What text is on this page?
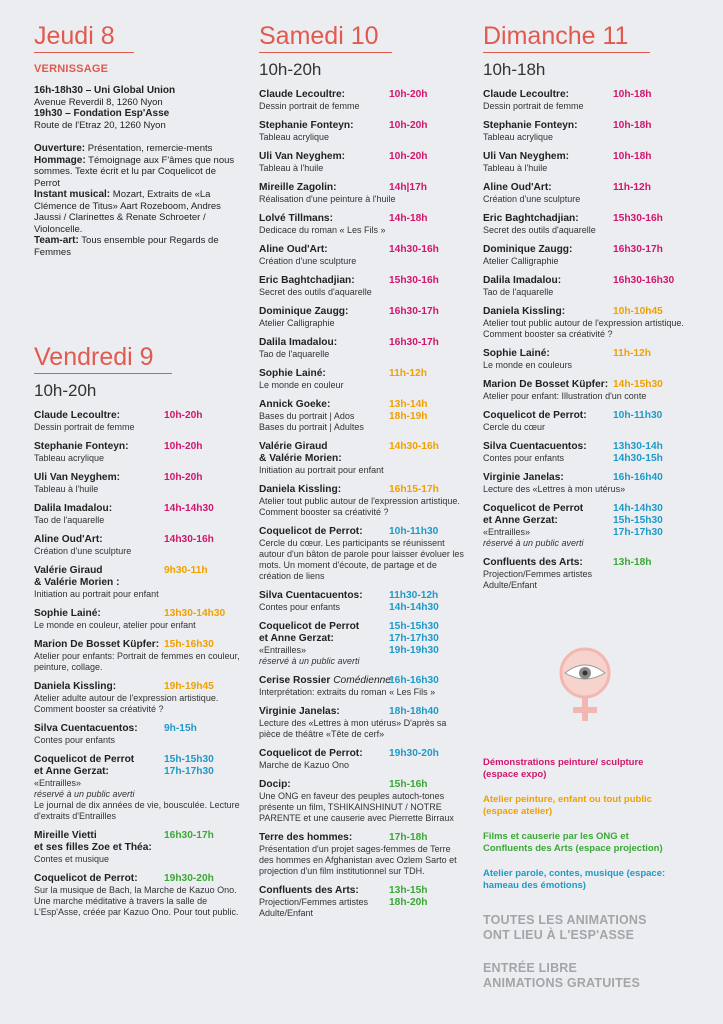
Jeudi 8
VERNISSAGE
16h-18h30 – Uni Global Union
Avenue Reverdil 8, 1260 Nyon
19h30 – Fondation Esp'Asse
Route de l'Etraz 20, 1260 Nyon
Ouverture: Présentation, remercie-ments
Hommage: Témoignage aux F'âmes que nous sommes. Texte écrit et lu par Coquelicot de Perrot
Instant musical: Mozart, Extraits de «La Clémence de Titus» Aart Rozeboom, Andres Jaussi / Clarinettes & Renate Schroeter / Violoncelle.
Team-art: Tous ensemble pour Regards de Femmes
Vendredi 9
10h-20h
Claude Lecoultre:	10h-20h
Dessin portrait de femme
Stephanie Fonteyn:	10h-20h
Tableau acrylique
Uli Van Neyghem:	10h-20h
Tableau à l'huile
Dalila Imadalou:	14h-14h30
Tao de l'aquarelle
Aline Oud'Art:	14h30-16h
Création d'une sculpture
Valérie Giraud
& Valérie Morien :
9h30-11h
Initiation au portrait pour enfant
Sophie Lainé:	13h30-14h30
Le monde en couleur, atelier pour enfant
Marion De Bosset Küpfer: 15h-16h30
Atelier pour enfants: Portrait de femmes en couleur, peinture, collage.
Daniela Kissling:	19h-19h45
Atelier adulte autour de l'expression artistique. Comment booster sa créativité ?
Silva Cuentacuentos:	9h-15h
Contes pour enfants
Coquelicot de Perrot
et Anne Gerzat:
15h-15h30
17h-17h30
«Entrailles»
réservé à un public averti
Le journal de dix années de vie, bousculée. Lecture d'extraits d'Entrailles
Mireille Vietti
et ses filles Zoe et Théa:
16h30-17h
Contes et musique
Coquelicot de Perrot:	19h30-20h
Sur la musique de Bach, la Marche de Kazuo Ono. Une marche méditative à travers la salle de L'Esp'Asse, créée par Kazuo Ono. Pour tout public.
Samedi 10
10h-20h
Claude Lecoultre:	10h-20h
Dessin portrait de femme
Stephanie Fonteyn:	10h-20h
Tableau acrylique
Uli Van Neyghem:	10h-20h
Tableau à l'huile
Mireille Zagolin:	14h|17h
Réalisation d'une peinture à l'huile
Lolvé Tillmans:	14h-18h
Dedicace du roman « Les Fils »
Aline Oud'Art:	14h30-16h
Création d'une sculpture
Eric Baghtchadjian:	15h30-16h
Secret des outils d'aquarelle
Dominique Zaugg:	16h30-17h
Atelier Calligraphie
Dalila Imadalou:	16h30-17h
Tao de l'aquarelle
Sophie Lainé:	11h-12h
Le monde en couleur
Annick Goeke:	13h-14h
18h-19h
Bases du portrait | Ados
Bases du portrait | Adultes
Valérie Giraud
& Valérie Morien:
14h30-16h
Initiation au portrait pour enfant
Daniela Kissling:	16h15-17h
Atelier tout public autour de l'expression artistique. Comment booster sa créativité ?
Coquelicot de Perrot:	10h-11h30
Cercle du cœur. Les participants se réunissent autour d'un bâton de parole pour laisser évoluer les mots. Un moment d'écoute, de partage et de création de liens
Silva Cuentacuentos:	11h30-12h
14h-14h30
Contes pour enfants
Coquelicot de Perrot
et Anne Gerzat:
15h-15h30
17h-17h30
19h-19h30
«Entrailles»
réservé à un public averti
Cerise Rossier Comédienne:
16h-16h30
Interprétation: extraits du roman « Les Fils »
Virginie Janelas:	18h-18h40
Lecture des «Lettres à mon utérus» D'après sa pièce de théâtre «Tête de cerf»
Coquelicot de Perrot:	19h30-20h
Marche de Kazuo Ono
Docip:	15h-16h
Une ONG en faveur des peuples autoch-tones présente un film, TSHIKAINSHINUT / NOTRE PARENTE et une causerie avec Pierrette Birraux
Terre des hommes:	17h-18h
Présentation d'un projet sages-femmes de Terre des hommes en Afghanistan avec Ozlem Sarto et projection d'un film institutionnel sur TDH.
Confluents des Arts:	13h-15h
18h-20h
Projection/Femmes artistes
Adulte/Enfant
Dimanche 11
10h-18h
Claude Lecoultre:	10h-18h
Dessin portrait de femme
Stephanie Fonteyn:	10h-18h
Tableau acrylique
Uli Van Neyghem:	10h-18h
Tableau à l'huile
Aline Oud'Art:	11h-12h
Création d'une sculpture
Eric Baghtchadjian:	15h30-16h
Secret des outils d'aquarelle
Dominique Zaugg:	16h30-17h
Atelier Calligraphie
Dalila Imadalou:	16h30-16h30
Tao de l'aquarelle
Daniela Kissling:	10h-10h45
Atelier tout public autour de l'expression artistique. Comment booster sa créativité ?
Sophie Lainé:	11h-12h
Le monde en couleurs
Marion De Bosset Küpfer: 14h-15h30
Atelier pour enfant: Illustration d'un conte
Coquelicot de Perrot:	10h-11h30
Cercle du cœur
Silva Cuentacuentos:	13h30-14h
14h30-15h
Contes pour enfants
Virginie Janelas:	16h-16h40
Lecture des «Lettres à mon utérus»
Coquelicot de Perrot
et Anne Gerzat:
14h-14h30
15h-15h30
17h-17h30
«Entrailles»
réservé à un public averti
Confluents des Arts:	13h-18h
Projection/Femmes artistes
Adulte/Enfant

Démonstrations peinture/ sculpture (espace expo)

Atelier peinture, enfant ou tout public (espace atelier)

Films et causerie par les ONG et Confluents des Arts (espace projection)

Atelier parole, contes, musique (espace: hameau des émotions)

TOUTES LES ANIMATIONS ONT LIEU À L'ESP'ASSE

ENTRÉE LIBRE ANIMATIONS GRATUITES
